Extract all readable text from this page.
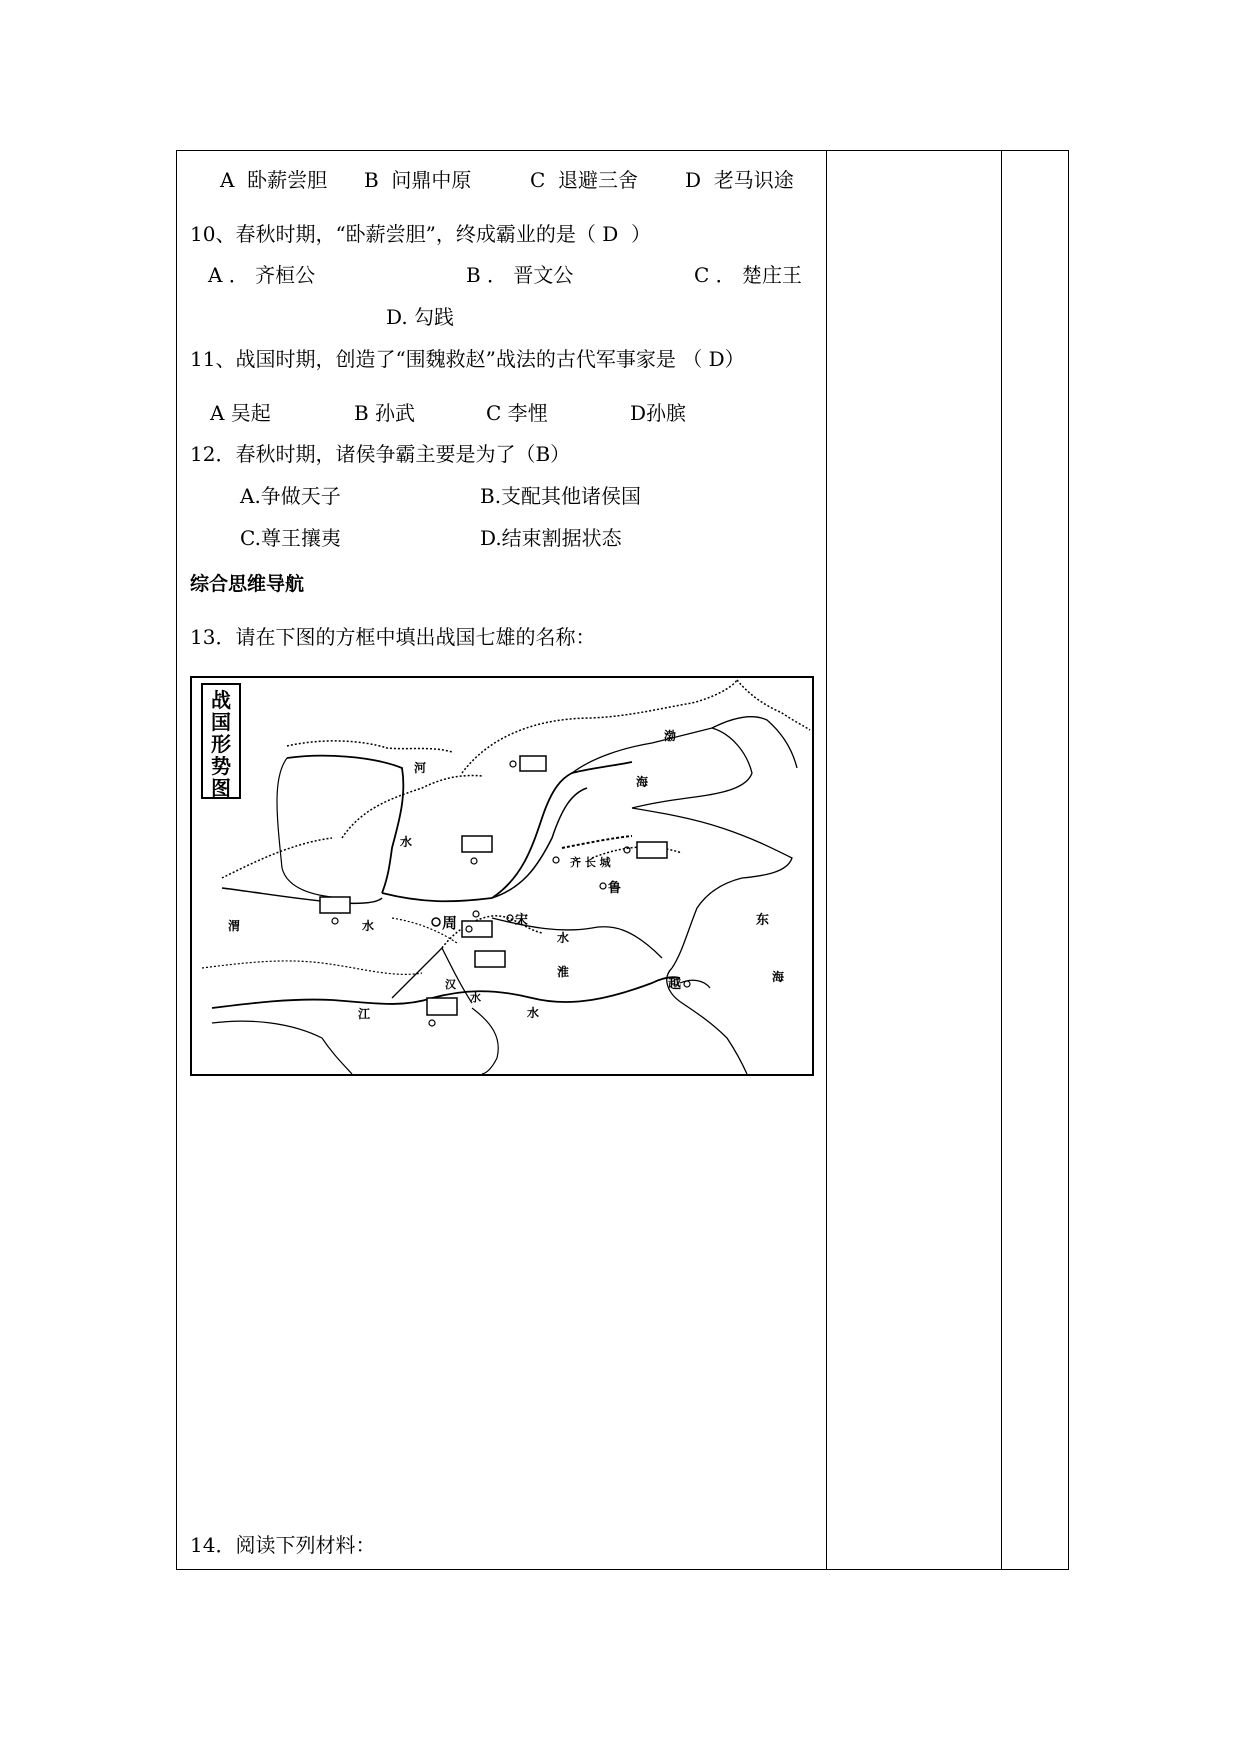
A  卧薪尝胆 B  问鼎中原	C  退避三舍 D  老马识途
10、春秋时期，“卧薪尝胆”，终成霸业的是（ D  ）
A ． 齐桓公	B ． 晋文公	C ． 楚庄王
D. 勾践
11、战国时期，创造了“围魏救赵”战法的古代军事家是 （ D）
A 吴起	B 孙武	C 李悝	D孙膑
12．春秋时期，诸侯争霸主要是为了（B）
A.争做天子	B.支配其他诸侯国
C.尊王攘夷	D.结束割据状态
综合思维导航
13．请在下图的方框中填出战国七雄的名称：
战
国
形
势
图
周	宋
鲁
越
齐 长 城
渤
海
东
海
河
水
渭	水
江
汉
水
水
水
淮
14．阅读下列材料：
